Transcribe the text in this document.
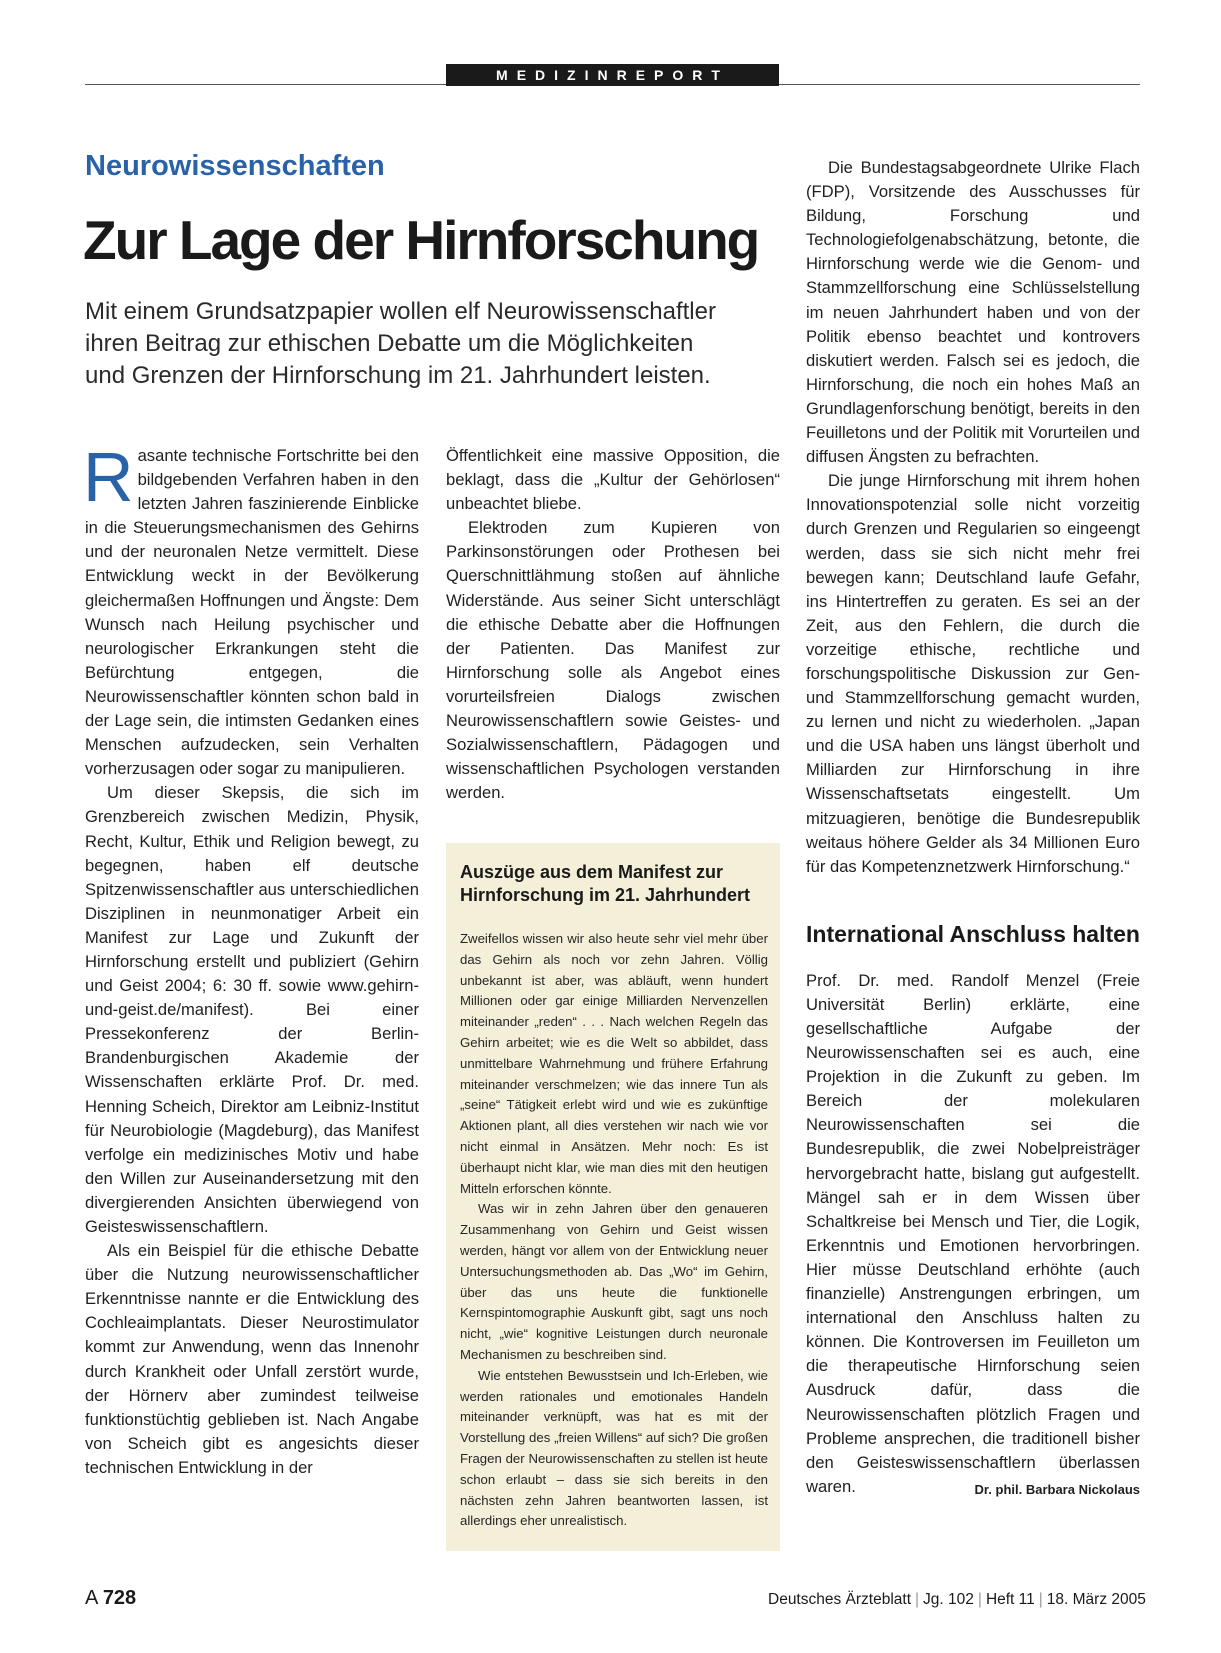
MEDIZINREPORT
Neurowissenschaften
Zur Lage der Hirnforschung
Mit einem Grundsatzpapier wollen elf Neurowissenschaftler
ihren Beitrag zur ethischen Debatte um die Möglichkeiten
und Grenzen der Hirnforschung im 21. Jahrhundert leisten.

Rasante technische Fortschritte bei den bildgebenden Verfahren haben in den letzten Jahren faszinierende Einblicke in die Steuerungsmechanismen des Gehirns und der neuronalen Netze vermittelt. Diese Entwicklung weckt in der Bevölkerung gleichermaßen Hoffnungen und Ängste: Dem Wunsch nach Heilung psychischer und neurologischer Erkrankungen steht die Befürchtung entgegen, die Neurowissenschaftler könnten schon bald in der Lage sein, die intimsten Gedanken eines Menschen aufzudecken, sein Verhalten vorherzusagen oder sogar zu manipulieren.

Um dieser Skepsis, die sich im Grenzbereich zwischen Medizin, Physik, Recht, Kultur, Ethik und Religion bewegt, zu begegnen, haben elf deutsche Spitzenwissenschaftler aus unterschiedlichen Disziplinen in neunmonatiger Arbeit ein Manifest zur Lage und Zukunft der Hirnforschung erstellt und publiziert (Gehirn und Geist 2004; 6: 30 ff. sowie www.gehirn-und-geist.de/manifest). Bei einer Pressekonferenz der Berlin-Brandenburgischen Akademie der Wissenschaften erklärte Prof. Dr. med. Henning Scheich, Direktor am Leibniz-Institut für Neurobiologie (Magdeburg), das Manifest verfolge ein medizinisches Motiv und habe den Willen zur Auseinandersetzung mit den divergierenden Ansichten überwiegend von Geisteswissenschaftlern.

Als ein Beispiel für die ethische Debatte über die Nutzung neurowissenschaftlicher Erkenntnisse nannte er die Entwicklung des Cochleaimplantats. Dieser Neurostimulator kommt zur Anwendung, wenn das Innenohr durch Krankheit oder Unfall zerstört wurde, der Hörnerv aber zumindest teilweise funktionstüchtig geblieben ist. Nach Angabe von Scheich gibt es angesichts dieser technischen Entwicklung in der

Öffentlichkeit eine massive Opposition, die beklagt, dass die „Kultur der Gehörlosen“ unbeachtet bliebe.

Elektroden zum Kupieren von Parkinsonstörungen oder Prothesen bei Querschnittlähmung stoßen auf ähnliche Widerstände. Aus seiner Sicht unterschlägt die ethische Debatte aber die Hoffnungen der Patienten. Das Manifest zur Hirnforschung solle als Angebot eines vorurteilsfreien Dialogs zwischen Neurowissenschaftlern sowie Geistes- und Sozialwissenschaftlern, Pädagogen und wissenschaftlichen Psychologen verstanden werden.

Auszüge aus dem Manifest zur Hirnforschung im 21. Jahrhundert

Zweifellos wissen wir also heute sehr viel mehr über das Gehirn als noch vor zehn Jahren. Völlig unbekannt ist aber, was abläuft, wenn hundert Millionen oder gar einige Milliarden Nervenzellen miteinander „reden“ . . . Nach welchen Regeln das Gehirn arbeitet; wie es die Welt so abbildet, dass unmittelbare Wahrnehmung und frühere Erfahrung miteinander verschmelzen; wie das innere Tun als „seine“ Tätigkeit erlebt wird und wie es zukünftige Aktionen plant, all dies verstehen wir nach wie vor nicht einmal in Ansätzen. Mehr noch: Es ist überhaupt nicht klar, wie man dies mit den heutigen Mitteln erforschen könnte.

Was wir in zehn Jahren über den genaueren Zusammenhang von Gehirn und Geist wissen werden, hängt vor allem von der Entwicklung neuer Untersuchungsmethoden ab. Das „Wo“ im Gehirn, über das uns heute die funktionelle Kernspintomographie Auskunft gibt, sagt uns noch nicht, „wie“ kognitive Leistungen durch neuronale Mechanismen zu beschreiben sind.

Wie entstehen Bewusstsein und Ich-Erleben, wie werden rationales und emotionales Handeln miteinander verknüpft, was hat es mit der Vorstellung des „freien Willens“ auf sich? Die großen Fragen der Neurowissenschaften zu stellen ist heute schon erlaubt – dass sie sich bereits in den nächsten zehn Jahren beantworten lassen, ist allerdings eher unrealistisch.

Die Bundestagsabgeordnete Ulrike Flach (FDP), Vorsitzende des Ausschusses für Bildung, Forschung und Technologiefolgenabschätzung, betonte, die Hirnforschung werde wie die Genom- und Stammzellforschung eine Schlüsselstellung im neuen Jahrhundert haben und von der Politik ebenso beachtet und kontrovers diskutiert werden. Falsch sei es jedoch, die Hirnforschung, die noch ein hohes Maß an Grundlagenforschung benötigt, bereits in den Feuilletons und der Politik mit Vorurteilen und diffusen Ängsten zu befrachten.

Die junge Hirnforschung mit ihrem hohen Innovationspotenzial solle nicht vorzeitig durch Grenzen und Regularien so eingeengt werden, dass sie sich nicht mehr frei bewegen kann; Deutschland laufe Gefahr, ins Hintertreffen zu geraten. Es sei an der Zeit, aus den Fehlern, die durch die vorzeitige ethische, rechtliche und forschungspolitische Diskussion zur Gen- und Stammzellforschung gemacht wurden, zu lernen und nicht zu wiederholen. „Japan und die USA haben uns längst überholt und Milliarden zur Hirnforschung in ihre Wissenschaftsetats eingestellt. Um mitzuagieren, benötige die Bundesrepublik weitaus höhere Gelder als 34 Millionen Euro für das Kompetenznetzwerk Hirnforschung.“

International Anschluss halten

Prof. Dr. med. Randolf Menzel (Freie Universität Berlin) erklärte, eine gesellschaftliche Aufgabe der Neurowissenschaften sei es auch, eine Projektion in die Zukunft zu geben. Im Bereich der molekularen Neurowissenschaften sei die Bundesrepublik, die zwei Nobelpreisträger hervorgebracht hatte, bislang gut aufgestellt. Mängel sah er in dem Wissen über Schaltkreise bei Mensch und Tier, die Logik, Erkenntnis und Emotionen hervorbringen. Hier müsse Deutschland erhöhte (auch finanzielle) Anstrengungen erbringen, um international den Anschluss halten zu können. Die Kontroversen im Feuilleton um die therapeutische Hirnforschung seien Ausdruck dafür, dass die Neurowissenschaften plötzlich Fragen und Probleme ansprechen, die traditionell bisher den Geisteswissenschaftlern überlassen waren.	Dr. phil. Barbara Nickolaus

A 728	Deutsches Ärzteblatt | Jg. 102 | Heft 11 | 18. März 2005
